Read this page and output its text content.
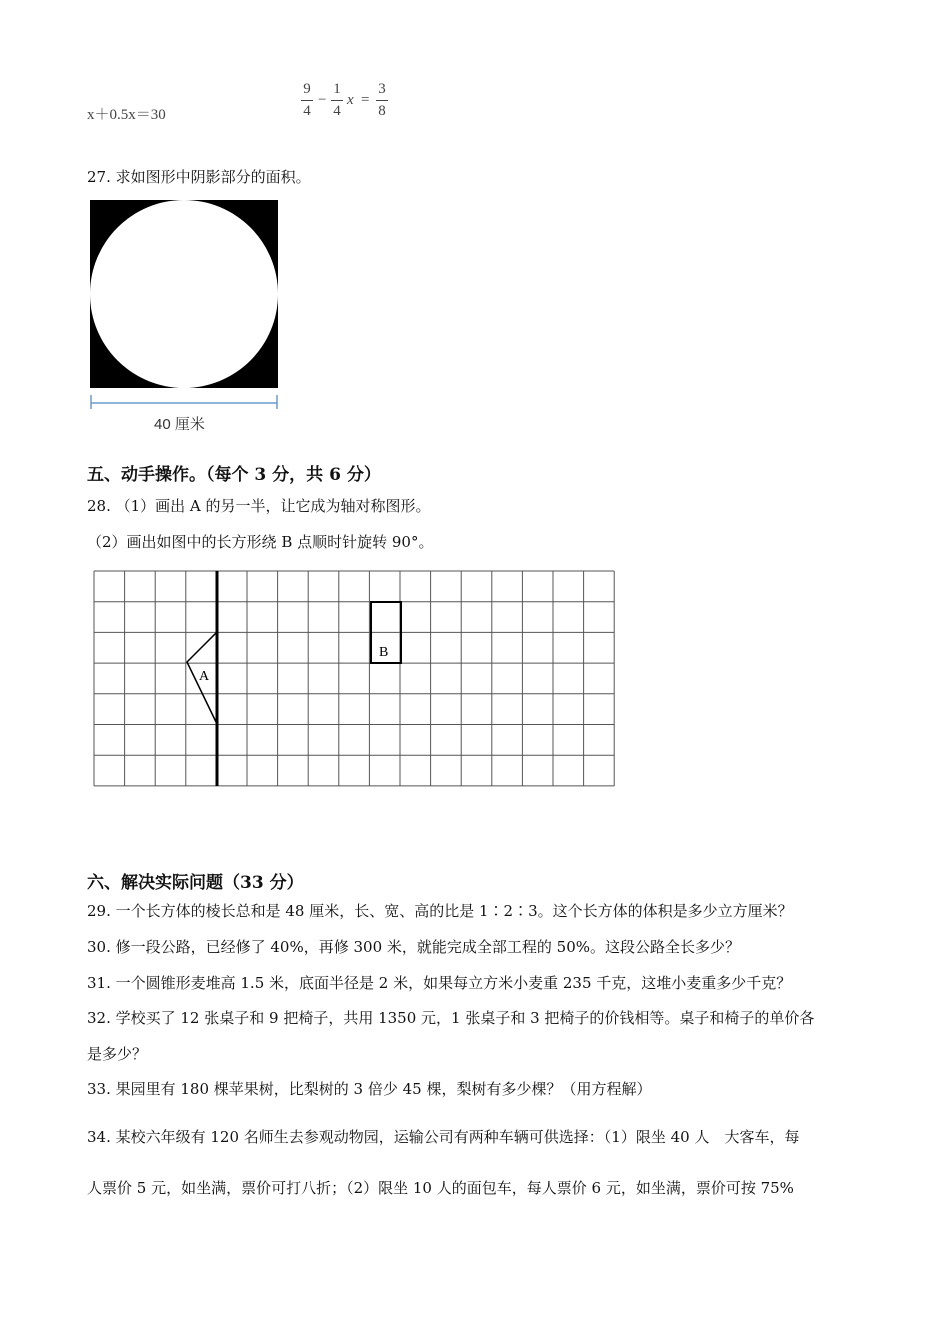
x＋0.5x＝30
9
4
−
1
4
x =
3
8
27. 求如图形中阴影部分的面积。
40 厘米
五、动手操作。（每个 3 分，共 6 分）
28. （1）画出 A 的另一半，让它成为轴对称图形。
（2）画出如图中的长方形绕 B 点顺时针旋转 90°。
A
B
六、解决实际问题（33 分）
29. 一个长方体的棱长总和是 48 厘米，长、宽、高的比是 1∶2∶3。这个长方体的体积是多少立方厘米？
30. 修一段公路，已经修了 40%，再修 300 米，就能完成全部工程的 50%。这段公路全长多少？
31. 一个圆锥形麦堆高 1.5 米，底面半径是 2 米，如果每立方米小麦重 235 千克，这堆小麦重多少千克？
32. 学校买了 12 张桌子和 9 把椅子，共用 1350 元，1 张桌子和 3 把椅子的价钱相等。桌子和椅子的单价各
是多少？
33. 果园里有 180 棵苹果树，比梨树的 3 倍少 45 棵，梨树有多少棵？（用方程解）
34. 某校六年级有 120 名师生去参观动物园，运输公司有两种车辆可供选择：（1）限坐 40 人　大客车，每
人票价 5 元，如坐满，票价可打八折；（2）限坐 10 人的面包车，每人票价 6 元，如坐满，票价可按 75%
